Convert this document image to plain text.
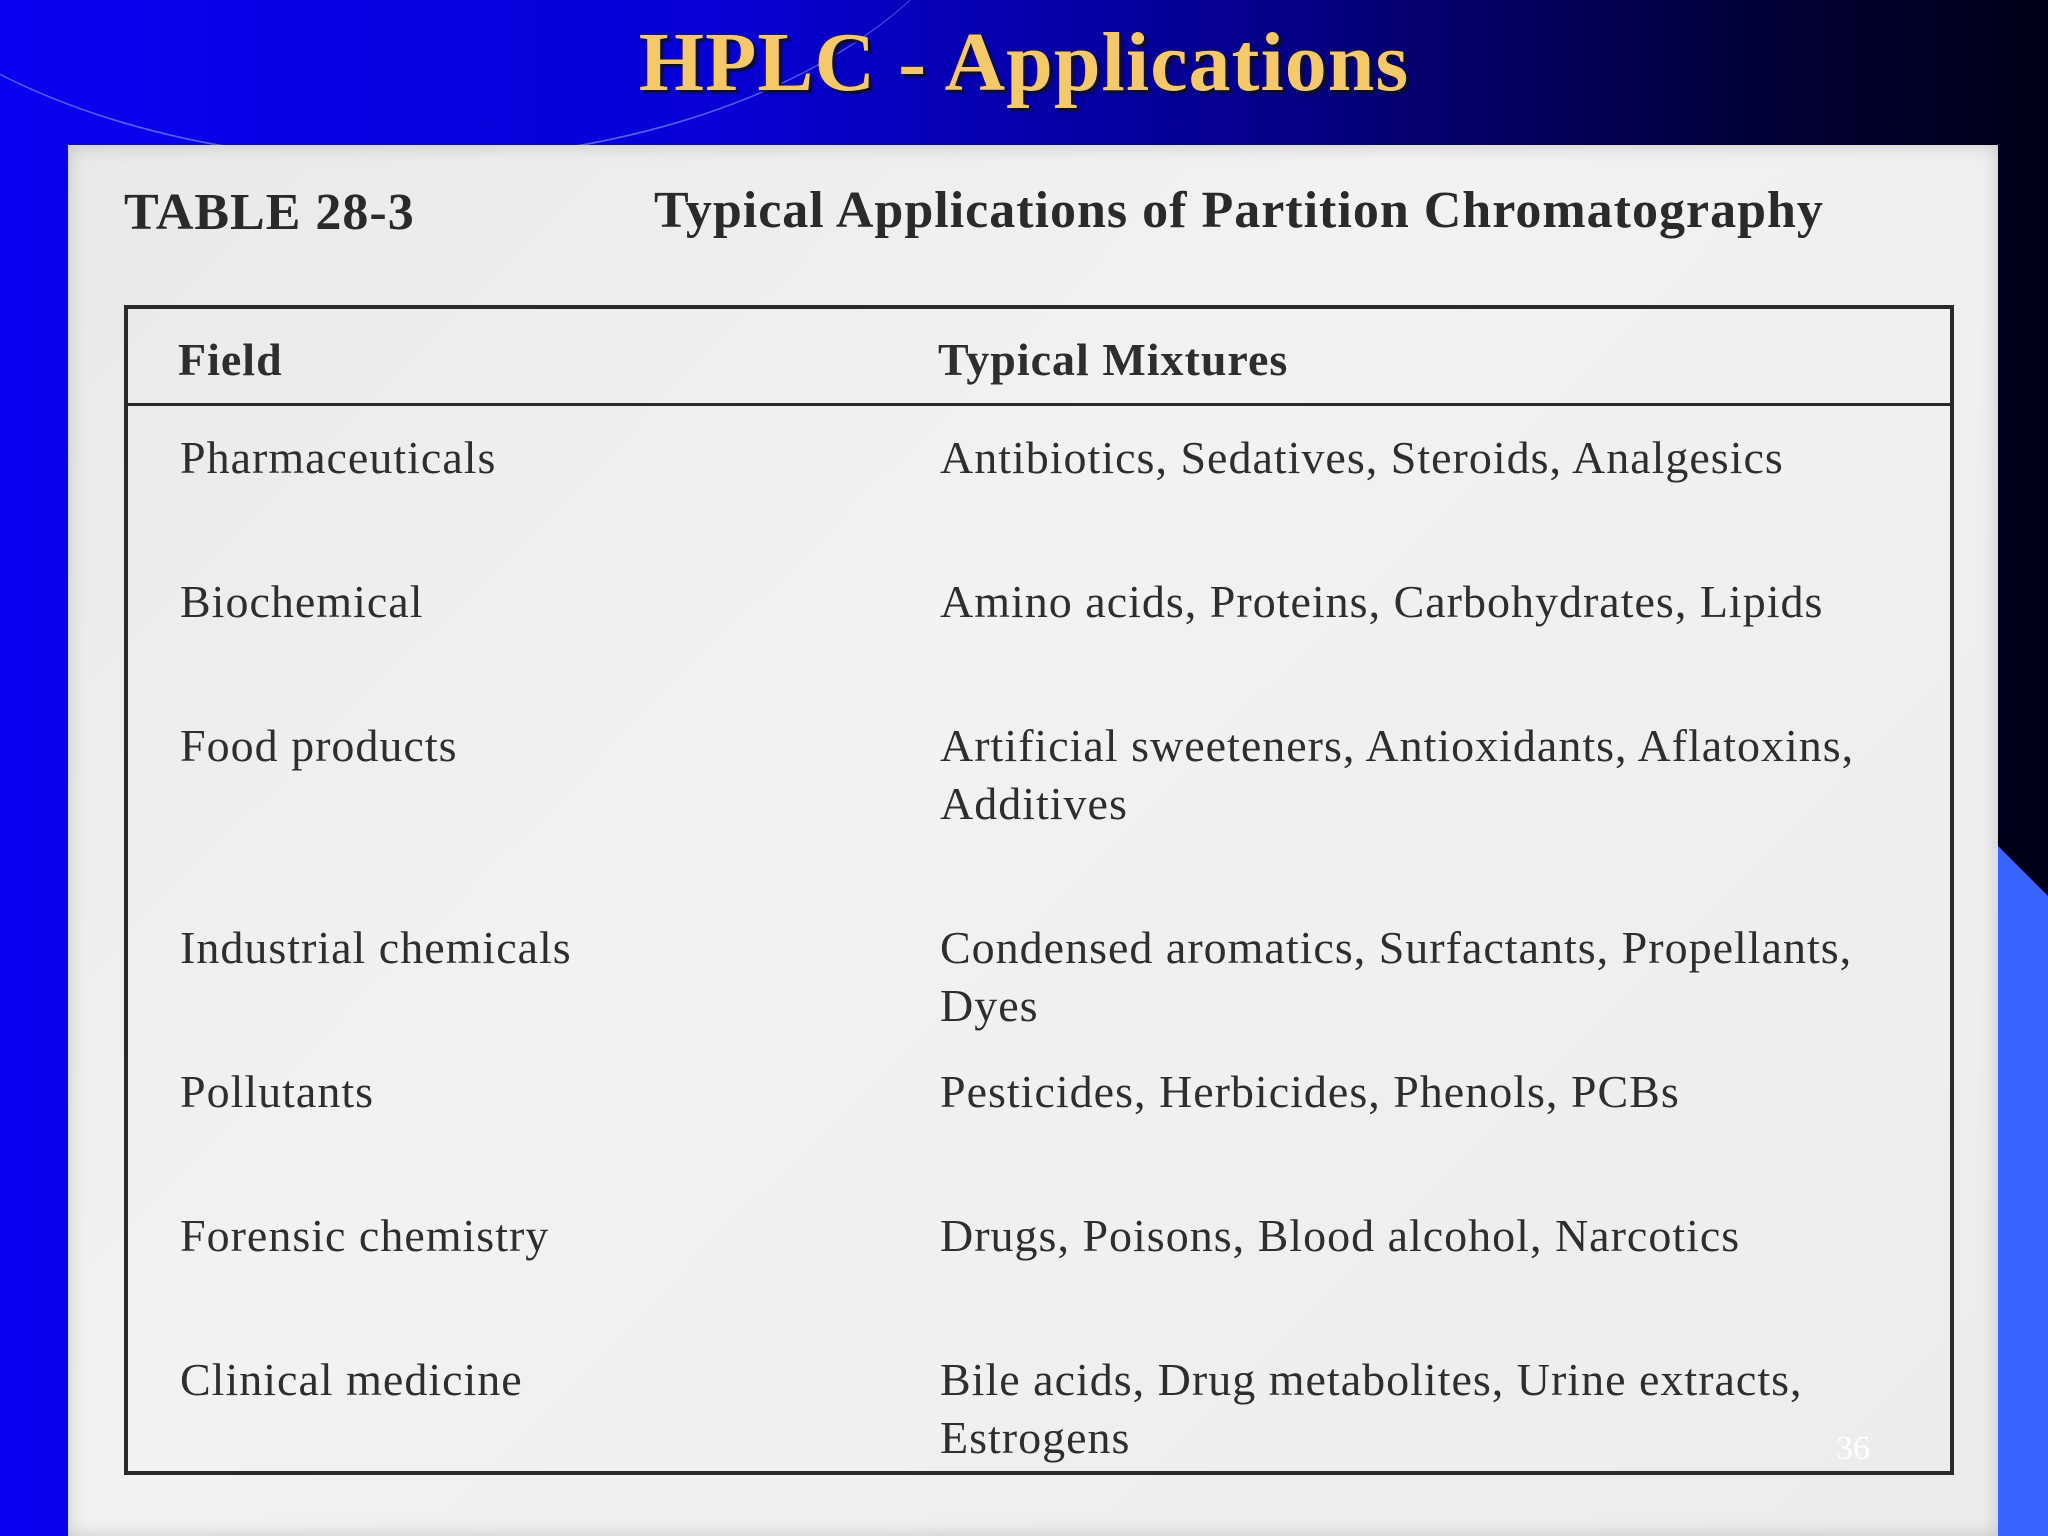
HPLC - Applications
TABLE 28-3	Typical Applications of Partition Chromatography
Field	Typical Mixtures
Pharmaceuticals	Antibiotics, Sedatives, Steroids, Analgesics
Biochemical	Amino acids, Proteins, Carbohydrates, Lipids
Food products	Artificial sweeteners, Antioxidants, Aflatoxins, Additives
Industrial chemicals	Condensed aromatics, Surfactants, Propellants, Dyes
Pollutants	Pesticides, Herbicides, Phenols, PCBs
Forensic chemistry	Drugs, Poisons, Blood alcohol, Narcotics
Clinical medicine	Bile acids, Drug metabolites, Urine extracts, Estrogens	36
